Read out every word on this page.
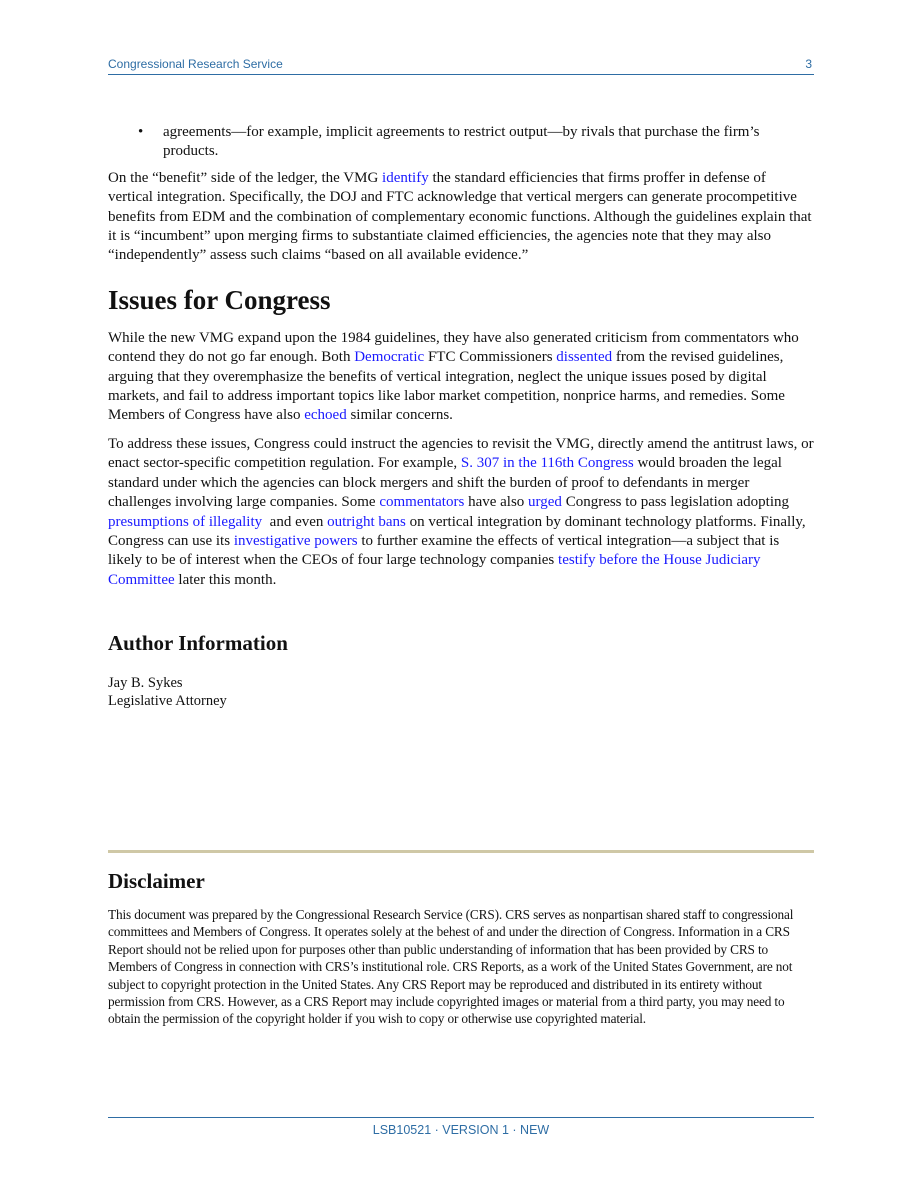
Congressional Research Service	3
• agreements—for example, implicit agreements to restrict output—by rivals that purchase the firm’s products.

On the “benefit” side of the ledger, the VMG identify the standard efficiencies that firms proffer in defense of vertical integration. Specifically, the DOJ and FTC acknowledge that vertical mergers can generate procompetitive benefits from EDM and the combination of complementary economic functions. Although the guidelines explain that it is “incumbent” upon merging firms to substantiate claimed efficiencies, the agencies note that they may also “independently” assess such claims “based on all available evidence.”

Issues for Congress

While the new VMG expand upon the 1984 guidelines, they have also generated criticism from commentators who contend they do not go far enough. Both Democratic FTC Commissioners dissented from the revised guidelines, arguing that they overemphasize the benefits of vertical integration, neglect the unique issues posed by digital markets, and fail to address important topics like labor market competition, nonprice harms, and remedies. Some Members of Congress have also echoed similar concerns.

To address these issues, Congress could instruct the agencies to revisit the VMG, directly amend the antitrust laws, or enact sector-specific competition regulation. For example, S. 307 in the 116th Congress would broaden the legal standard under which the agencies can block mergers and shift the burden of proof to defendants in merger challenges involving large companies. Some commentators have also urged Congress to pass legislation adopting presumptions of illegality  and even outright bans on vertical integration by dominant technology platforms. Finally, Congress can use its investigative powers to further examine the effects of vertical integration—a subject that is likely to be of interest when the CEOs of four large technology companies testify before the House Judiciary Committee later this month.

Author Information
Jay B. Sykes
Legislative Attorney
Disclaimer
This document was prepared by the Congressional Research Service (CRS). CRS serves as nonpartisan shared staff to congressional committees and Members of Congress. It operates solely at the behest of and under the direction of Congress. Information in a CRS Report should not be relied upon for purposes other than public understanding of information that has been provided by CRS to Members of Congress in connection with CRS’s institutional role. CRS Reports, as a work of the United States Government, are not subject to copyright protection in the United States. Any CRS Report may be reproduced and distributed in its entirety without permission from CRS. However, as a CRS Report may include copyrighted images or material from a third party, you may need to obtain the permission of the copyright holder if you wish to copy or otherwise use copyrighted material.
LSB10521 · VERSION 1 · NEW
